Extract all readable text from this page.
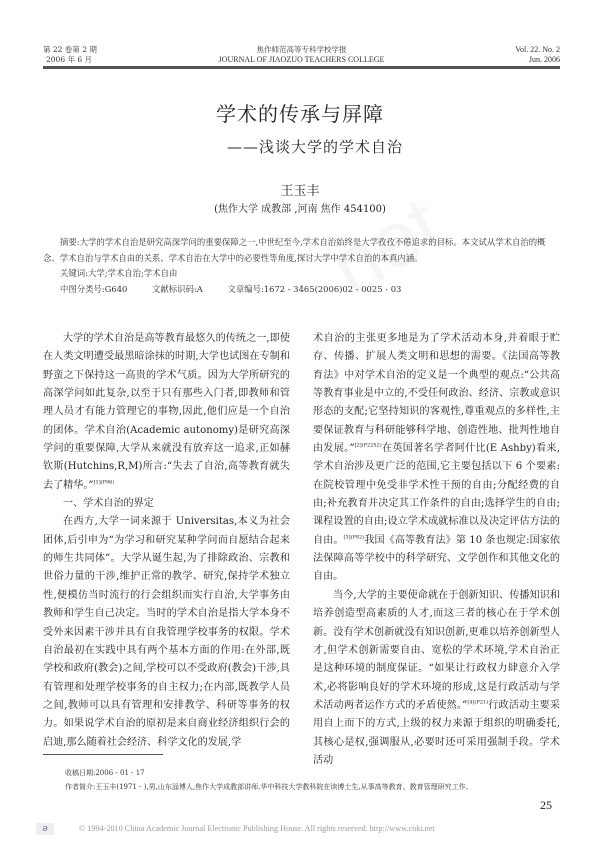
第 22 卷第 2 期
2006 年 6 月
焦作师范高等专科学校学报
JOURNAL OF JIAOZUO TEACHERS COLLEGE
Vol. 22. No. 2
Jun. 2006
学术的传承与屏障
——浅谈大学的学术自治
王玉丰
(焦作大学 成教部 ,河南 焦作 454100)

摘要:大学的学术自治是研究高深学问的重要保障之一,中世纪至今,学术自治始终是大学孜孜不倦追求的目标。本文试从学术自治的概念、学术自治与学术自由的关系、学术自治在大学中的必要性等角度,探讨大学中学术自治的本真内涵。

关键词:大学;学术自治;学术自由

中图分类号:G640	文献标识码:A	文章编号:1672 - 3465(2006)02 - 0025 - 03

大学的学术自治是高等教育最悠久的传统之一,即使在人类文明遭受最黑暗涂抹的时期,大学也试图在专制和野蛮之下保持这一高贵的学术气质。因为大学所研究的高深学问如此复杂,以至于只有那些入门者,即教师和管理人员才有能力管理它的事物,因此,他们应是一个自治的团体。学术自治(Academic autonomy)是研究高深学问的重要保障,大学从来就没有放弃这一追求,正如赫钦斯(Hutchins,R,M)所言:“失去了自治,高等教育就失去了精华。”$^{[1](P96)}$

一、学术自治的界定

在西方,大学一词来源于 Universitas,本义为社会团体,后引申为“为学习和研究某种学问而自愿结合起来的师生共同体”。大学从诞生起,为了排除政治、宗教和世俗力量的干涉,维护正常的教学、研究,保持学术独立性,便模仿当时流行的行会组织而实行自治,大学事务由教师和学生自己决定。当时的学术自治是指大学本身不受外来因素干涉并具有自我管理学校事务的权限。学术自治最初在实践中具有两个基本方面的作用:在外部,既学校和政府(教会)之间,学校可以不受政府(教会)干涉,具有管理和处理学校事务的自主权力;在内部,既教学人员之间,教师可以具有管理和安排教学、科研等事务的权力。如果说学术自治的原初是来自商业经济组织行会的启迪,那么随着社会经济、科学文化的发展,学

术自治的主张更多地是为了学术活动本身,并着眼于贮存、传播、扩展人类文明和思想的需要。《法国高等教育法》中对学术自治的定义是一个典型的观点:“公共高等教育事业是中立的,不受任何政治、经济、宗教或意识形态的支配;它坚持知识的客观性,尊重观点的多样性,主要保证教育与科研能够科学地、创造性地、批判性地自由发展。”$^{[2](P2252)}$在英国著名学者阿什比(E Ashby)看来,学术自治涉及更广泛的范围,它主要包括以下 6 个要素:在院校管理中免受非学术性干预的自由;分配经费的自由;补充教育并决定其工作条件的自由;选择学生的自由;课程设置的自由;设立学术成就标准以及决定评估方法的自由。$^{[3](P82)}$我国《高等教育法》第 10 条也规定:国家依法保障高等学校中的科学研究、文学创作和其他文化的自由。

当今,大学的主要使命就在于创新知识、传播知识和培养创造型高素质的人才,而这三者的核心在于学术创新。没有学术创新就没有知识创新,更难以培养创新型人才,但学术创新需要自由、宽松的学术环境,学术自治正是这种环境的制度保证。“如果让行政权力肆意介入学术,必将影响良好的学术环境的形成,这是行政活动与学术活动两者运作方式的矛盾使然。”$^{[4](P21)}$行政活动主要采用自上而下的方式,上级的权力来源于组织的明确委托,其核心是权,强调服从,必要时还可采用强制手段。学术活动

收稿日期:2006 - 01 - 17

作者简介:王玉丰(1971 - ),男,山东淄博人,焦作大学成教部讲师,华中科技大学教科院在读博士生,从事高等教育、教育管理研究工作。

25
ə	© 1994-2010 China Academic Journal Electronic Publishing House. All rights reserved. http://www.cnki.net
